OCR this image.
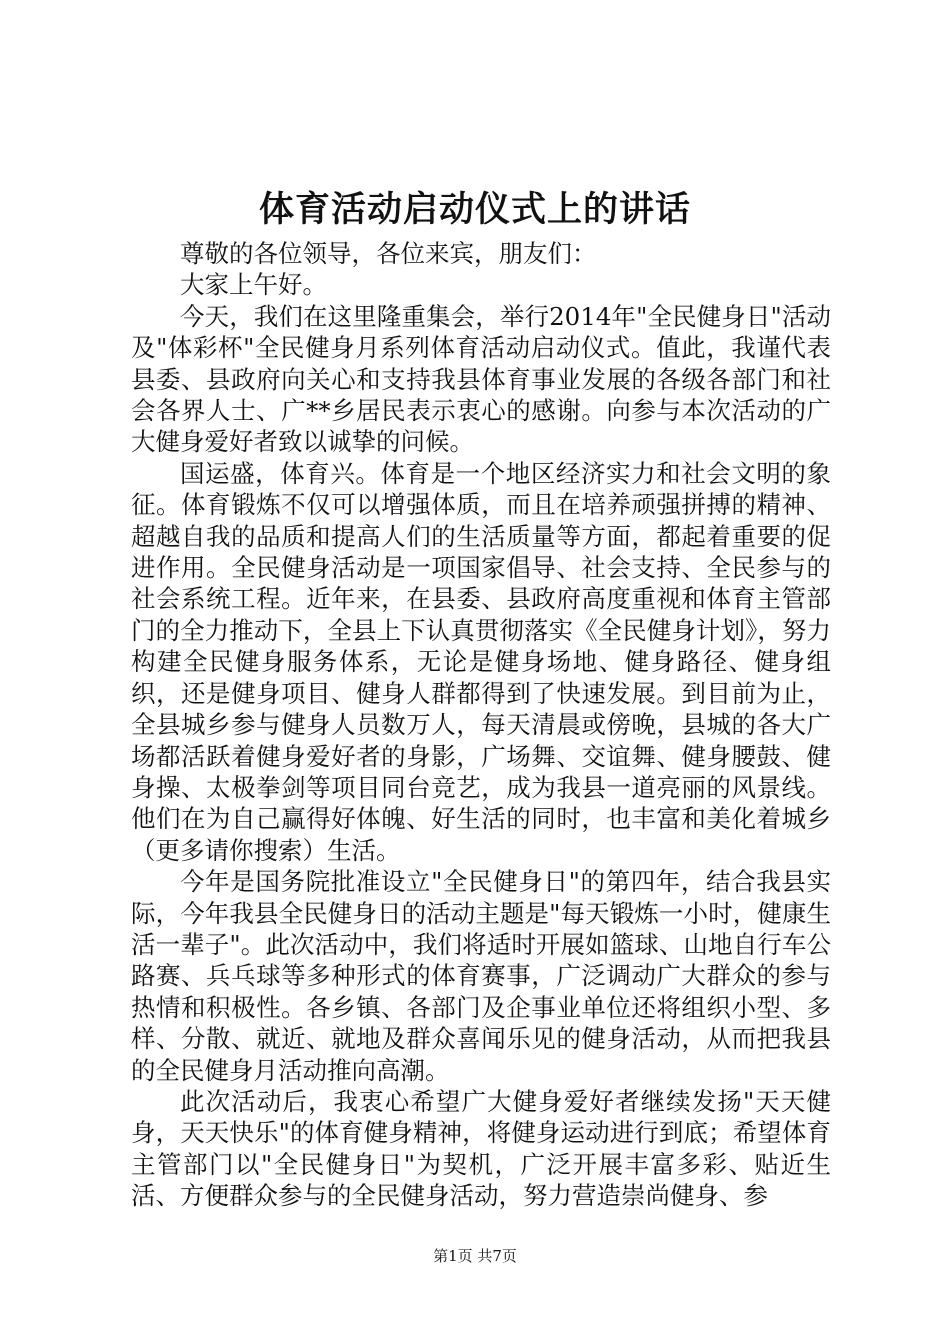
体育活动启动仪式上的讲话

尊敬的各位领导，各位来宾，朋友们：

大家上午好。

今天，我们在这里隆重集会，举行2014年"全民健身日"活动及"体彩杯"全民健身月系列体育活动启动仪式。值此，我谨代表县委、县政府向关心和支持我县体育事业发展的各级各部门和社会各界人士、广**乡居民表示衷心的感谢。向参与本次活动的广大健身爱好者致以诚挚的问候。

国运盛，体育兴。体育是一个地区经济实力和社会文明的象征。体育锻炼不仅可以增强体质，而且在培养顽强拼搏的精神、超越自我的品质和提高人们的生活质量等方面，都起着重要的促进作用。全民健身活动是一项国家倡导、社会支持、全民参与的社会系统工程。近年来，在县委、县政府高度重视和体育主管部门的全力推动下，全县上下认真贯彻落实《全民健身计划》，努力构建全民健身服务体系，无论是健身场地、健身路径、健身组织，还是健身项目、健身人群都得到了快速发展。到目前为止，全县城乡参与健身人员数万人，每天清晨或傍晚，县城的各大广场都活跃着健身爱好者的身影，广场舞、交谊舞、健身腰鼓、健身操、太极拳剑等项目同台竞艺，成为我县一道亮丽的风景线。他们在为自己赢得好体魄、好生活的同时，也丰富和美化着城乡（更多请你搜索）生活。

今年是国务院批准设立"全民健身日"的第四年，结合我县实际，今年我县全民健身日的活动主题是"每天锻炼一小时，健康生活一辈子"。此次活动中，我们将适时开展如篮球、山地自行车公路赛、兵乓球等多种形式的体育赛事，广泛调动广大群众的参与热情和积极性。各乡镇、各部门及企事业单位还将组织小型、多样、分散、就近、就地及群众喜闻乐见的健身活动，从而把我县的全民健身月活动推向高潮。

此次活动后，我衷心希望广大健身爱好者继续发扬"天天健身，天天快乐"的体育健身精神，将健身运动进行到底；希望体育主管部门以"全民健身日"为契机，广泛开展丰富多彩、贴近生活、方便群众参与的全民健身活动，努力营造崇尚健身、参

第1页 共7页
